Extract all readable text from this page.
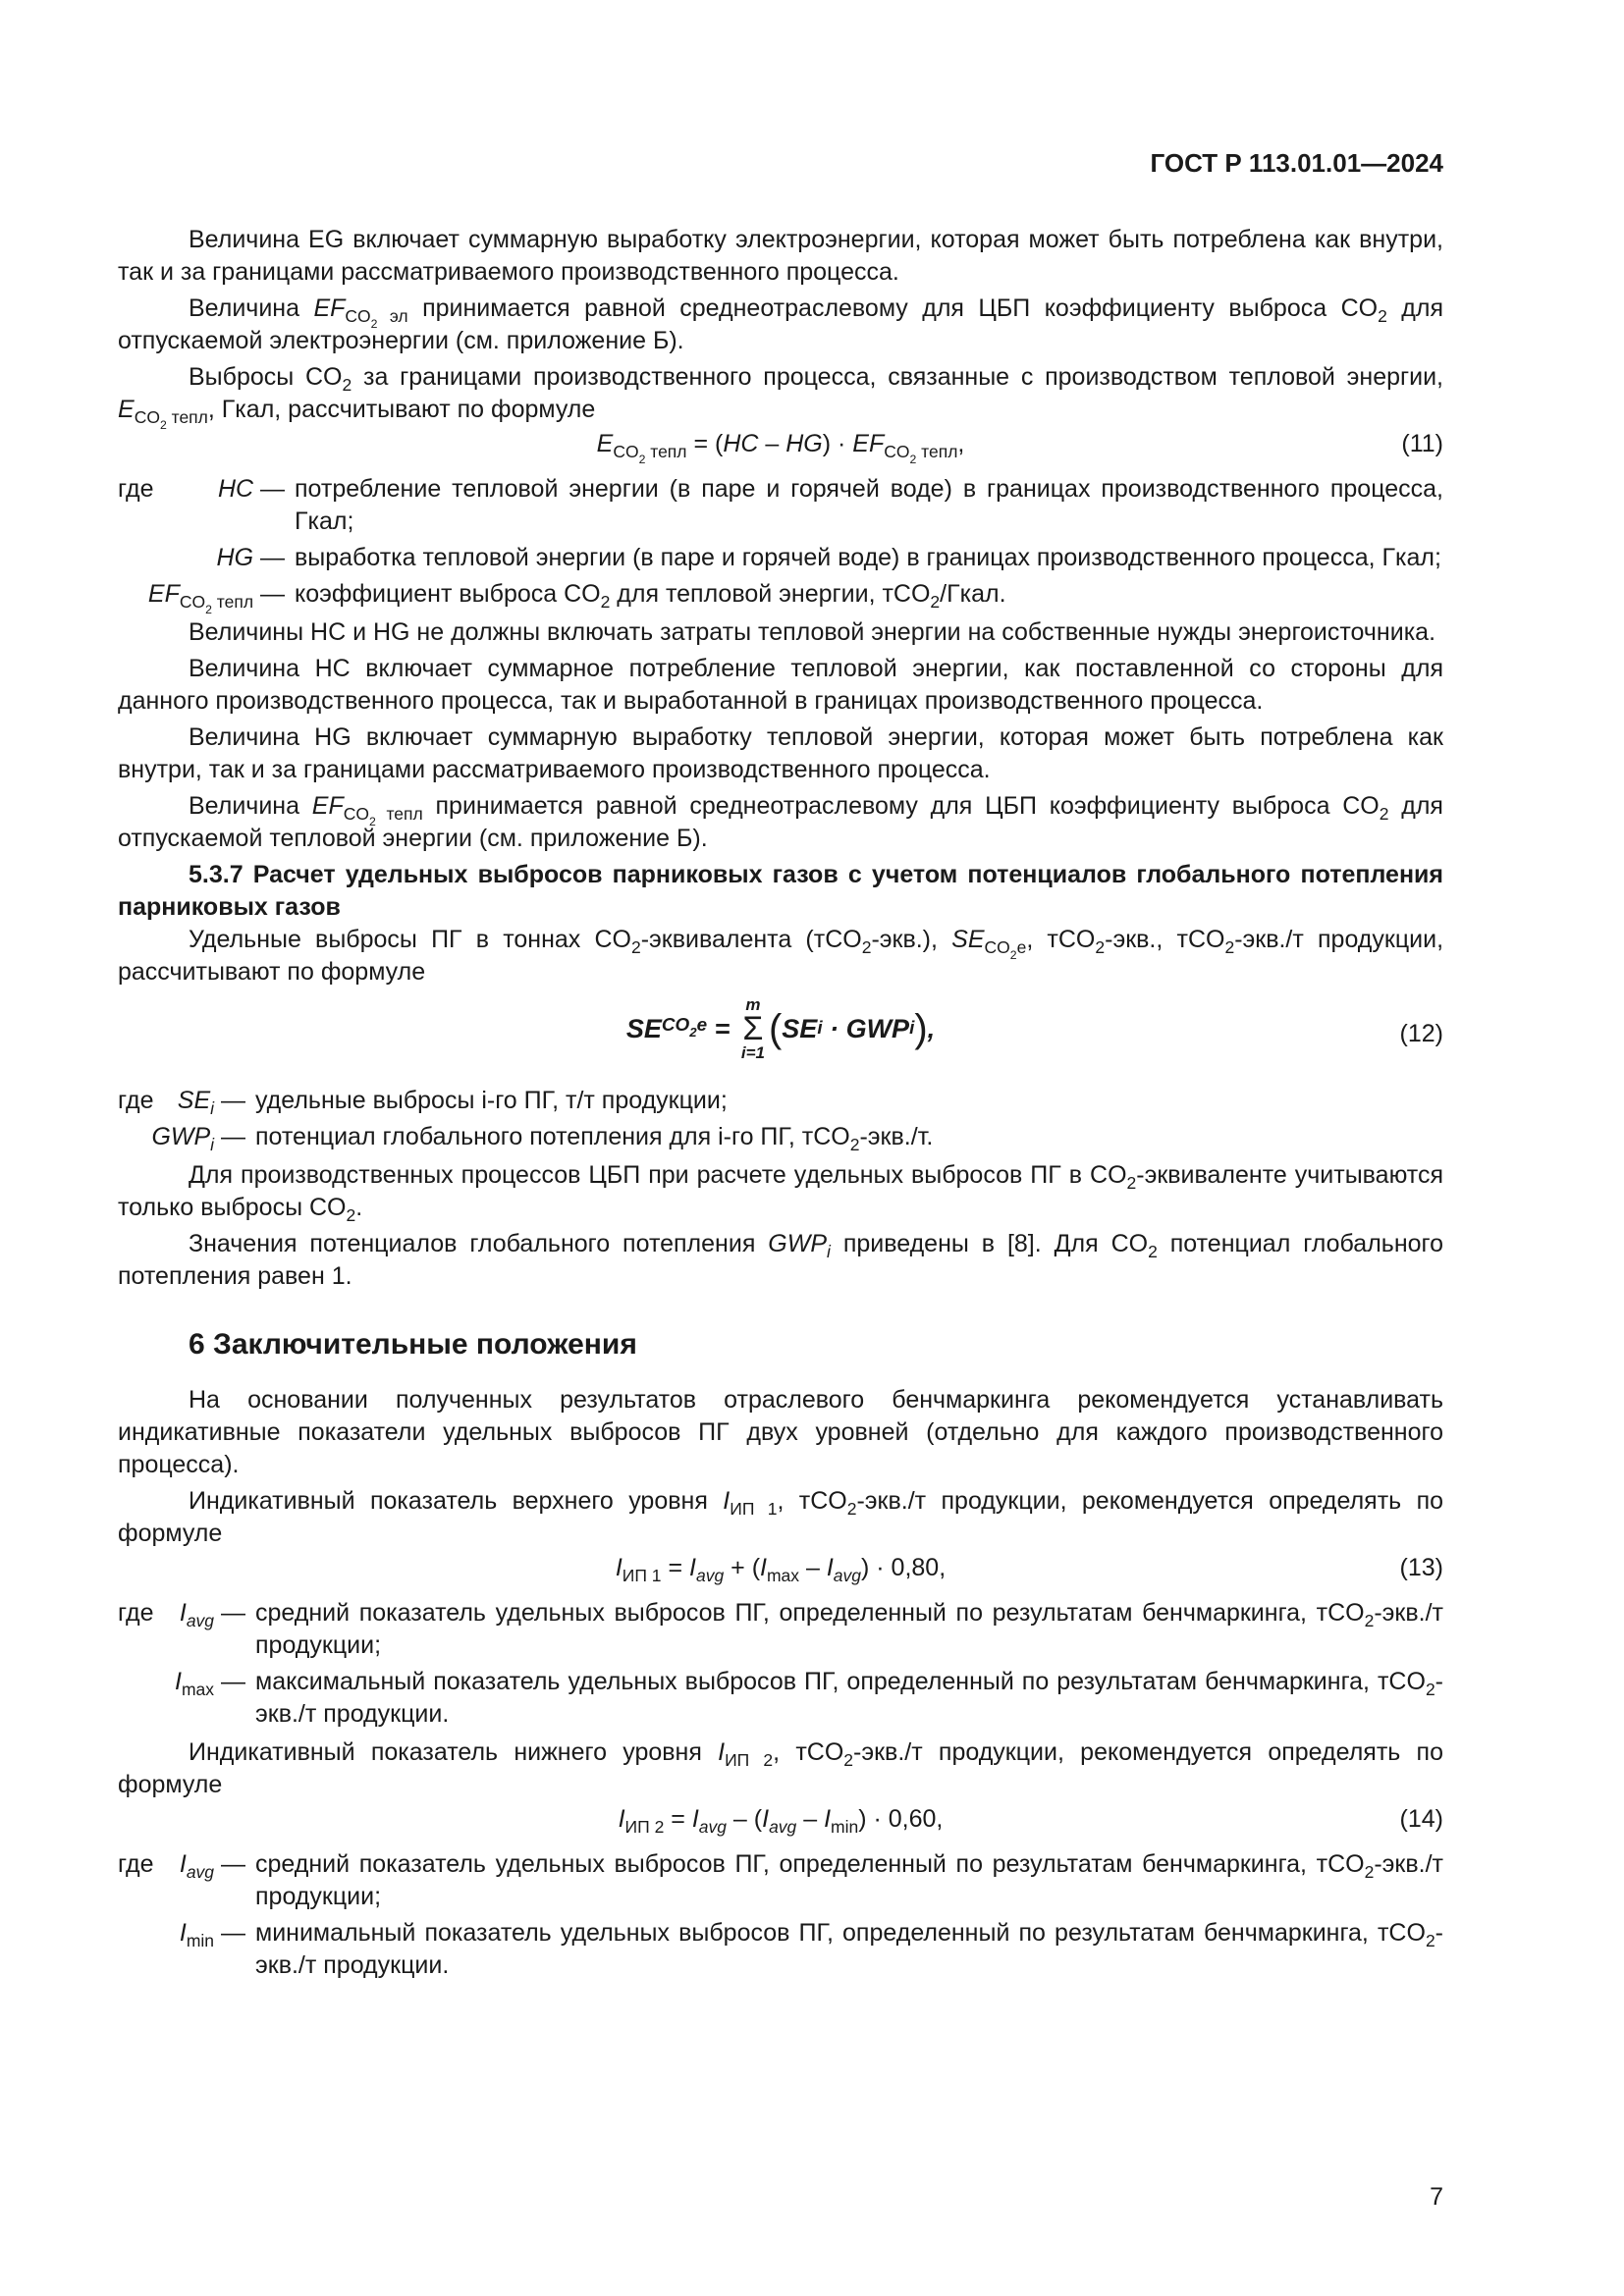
ГОСТ Р 113.01.01—2024

Величина EG включает суммарную выработку электроэнергии, которая может быть потреблена как внутри, так и за границами рассматриваемого производственного процесса.

Величина $EF_{CO_2 эл}$ принимается равной среднеотраслевому для ЦБП коэффициенту выброса $CO_2$ для отпускаемой электроэнергии (см. приложение Б).

Выбросы $CO_2$ за границами производственного процесса, связанные с производством тепловой энергии, $E_{CO_2 тепл}$, Гкал, рассчитывают по формуле

$E_{CO_2 тепл} = (HC - HG) \cdot EF_{CO_2 тепл}$,	(11)
где	HC — потребление тепловой энергии (в паре и горячей воде) в границах производственного процесса, Гкал;
HG — выработка тепловой энергии (в паре и горячей воде) в границах производственного процесса, Гкал;
$EF_{CO_2 тепл}$ — коэффициент выброса $CO_2$ для тепловой энергии, тCO$_2$/Гкал.

Величины HC и HG не должны включать затраты тепловой энергии на собственные нужды энергоисточника.

Величина HC включает суммарное потребление тепловой энергии, как поставленной со стороны для данного производственного процесса, так и выработанной в границах производственного процесса.

Величина HG включает суммарную выработку тепловой энергии, которая может быть потреблена как внутри, так и за границами рассматриваемого производственного процесса.

Величина $EF_{CO_2 тепл}$ принимается равной среднеотраслевому для ЦБП коэффициенту выброса $CO_2$ для отпускаемой тепловой энергии (см. приложение Б).

5.3.7 Расчет удельных выбросов парниковых газов с учетом потенциалов глобального потепления парниковых газов

Удельные выбросы ПГ в тоннах $CO_2$-эквивалента (тCO$_2$-экв.), $SE_{CO_2e}$, тCO$_2$-экв., тCO$_2$-экв./т продукции, рассчитывают по формуле

SE $CO_2e$ =
m
Σ
i=1
( SE i · GWP i ) ,	(12)
где $SE_i$ — удельные выбросы i-го ПГ, т/т продукции;
$GWP_i$ — потенциал глобального потепления для i-го ПГ, тCO$_2$-экв./т.

Для производственных процессов ЦБП при расчете удельных выбросов ПГ в $CO_2$-эквиваленте учитываются только выбросы $CO_2$.

Значения потенциалов глобального потепления $GWP_i$ приведены в [8]. Для $CO_2$ потенциал глобального потепления равен 1.

6 Заключительные положения

На основании полученных результатов отраслевого бенчмаркинга рекомендуется устанавливать индикативные показатели удельных выбросов ПГ двух уровней (отдельно для каждого производственного процесса).

Индикативный показатель верхнего уровня $I_{ИП 1}$, тCO$_2$-экв./т продукции, рекомендуется определять по формуле

$I_{ИП 1} = I_{avg} + (I_{max} - I_{avg}) \cdot 0,80$,	(13)
где $I_{avg}$ — средний показатель удельных выбросов ПГ, определенный по результатам бенчмаркинга, тCO$_2$-экв./т продукции;
$I_{max}$ — максимальный показатель удельных выбросов ПГ, определенный по результатам бенчмаркинга, тCO$_2$-экв./т продукции.

Индикативный показатель нижнего уровня $I_{ИП 2}$, тCO$_2$-экв./т продукции, рекомендуется определять по формуле

$I_{ИП 2} = I_{avg} - (I_{avg} - I_{min}) \cdot 0,60$,	(14)
где $I_{avg}$ — средний показатель удельных выбросов ПГ, определенный по результатам бенчмаркинга, тCO$_2$-экв./т продукции;
$I_{min}$ — минимальный показатель удельных выбросов ПГ, определенный по результатам бенчмаркинга, тCO$_2$-экв./т продукции.
7
